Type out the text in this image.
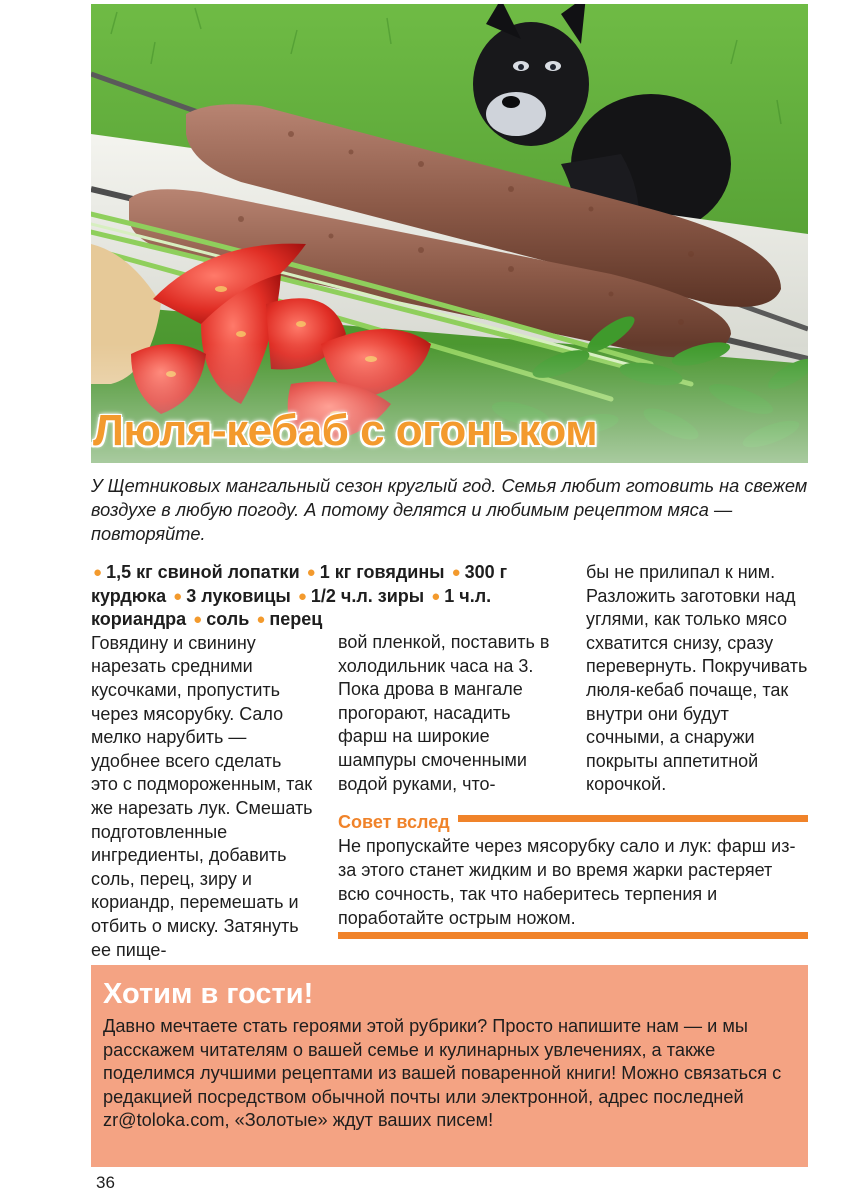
Люля-кебаб с огоньком

У Щетниковых мангальный сезон круглый год. Семья любит готовить на свежем воздухе в любую погоду. А потому делятся и любимым рецептом мяса — повторяйте.

● 1,5 кг свиной лопатки ● 1 кг говядины ● 300 г курдюка ● 3 луковицы ● 1/2 ч.л. зиры ● 1 ч.л. кориандра ● соль ● перец

Говядину и свинину нарезать средними кусочками, пропустить через мясорубку. Сало мелко нарубить — удобнее всего сделать это с подмороженным, так же нарезать лук. Смешать подготовленные ингредиенты, добавить соль, перец, зиру и кориандр, перемешать и отбить о миску. Затянуть ее пище-

вой пленкой, поставить в холодильник часа на 3. Пока дрова в мангале прогорают, насадить фарш на широкие шампуры смоченными водой руками, что-

бы не прилипал к ним. Разложить заготовки над углями, как только мясо схватится снизу, сразу перевернуть. Покручивать люля-кебаб почаще, так внутри они будут сочными, а снаружи покрыты аппетитной корочкой.

Совет вслед

Не пропускайте через мясорубку сало и лук: фарш из-за этого станет жидким и во время жарки растеряет всю сочность, так что наберитесь терпения и поработайте острым ножом.

Хотим в гости!

Давно мечтаете стать героями этой рубрики? Просто напишите нам — и мы расскажем читателям о вашей семье и кулинарных увлечениях, а также поделимся лучшими рецептами из вашей поваренной книги! Можно связаться с редакцией посредством обычной почты или электронной, адрес последней zr@toloka.com, «Золотые» ждут ваших писем!

36
